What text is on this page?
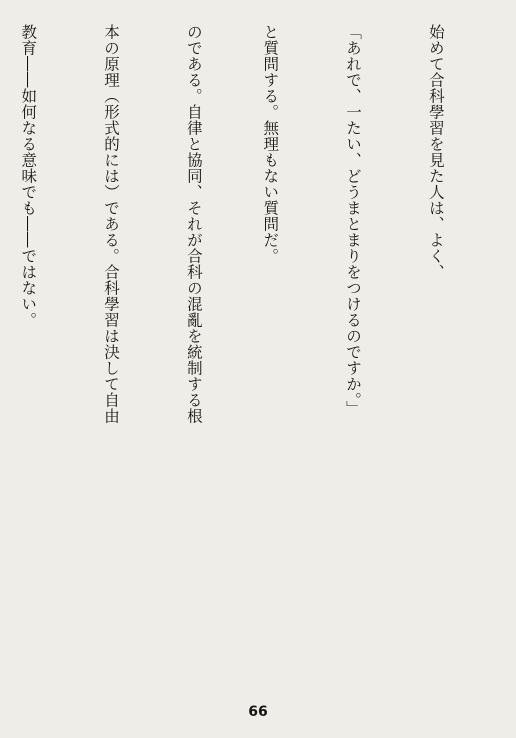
始めて合科學習を見た人は、よく、

「あれで、一たい、どうまとまりをつけるのですか。」

と質問する。無理もない質問だ。

のである。自律と協同、それが合科の混亂を統制する根

本の原理（形式的には）である。合科學習は決して自由

教育――如何なる意味でも――ではない。

66
